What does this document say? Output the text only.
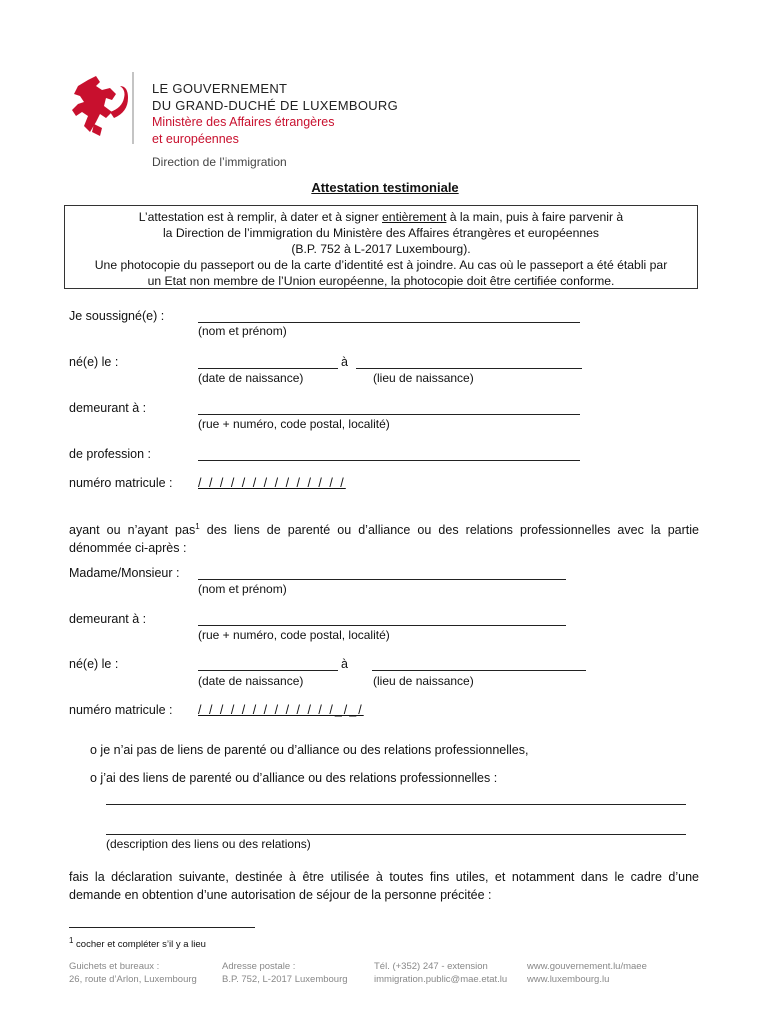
LE GOUVERNEMENT
DU GRAND-DUCHÉ DE LUXEMBOURG
Ministère des Affaires étrangères
et européennes
Direction de l’immigration
Attestation testimoniale
L’attestation est à remplir, à dater et à signer entièrement à la main, puis à faire parvenir à
la Direction de l’immigration du Ministère des Affaires étrangères et européennes
(B.P. 752 à L-2017 Luxembourg).
Une photocopie du passeport ou de la carte d’identité est à joindre. Au cas où le passeport a été établi par
un Etat non membre de l’Union européenne, la photocopie doit être certifiée conforme.
Je soussigné(e) :
(nom et prénom)
né(e) le :	à
(date de naissance)	(lieu de naissance)
demeurant à :
(rue + numéro, code postal, localité)
de profession :
numéro matricule : / / / / / / / / / / / / / /
ayant ou n’ayant pas$^1$ des liens de parenté ou d’alliance ou des relations professionnelles avec la partie dénommée ci-après :
Madame/Monsieur :
(nom et prénom)
demeurant à :
(rue + numéro, code postal, localité)
né(e) le :	à
(date de naissance)	(lieu de naissance)
numéro matricule : / / / / / / / / / / / / /_/_/
o je n’ai pas de liens de parenté ou d’alliance ou des relations professionnelles,
o j’ai des liens de parenté ou d’alliance ou des relations professionnelles :
(description des liens ou des relations)
fais la déclaration suivante, destinée à être utilisée à toutes fins utiles, et notamment dans le cadre d’une demande en obtention d’une autorisation de séjour de la personne précitée :
$^1$ cocher et compléter s’il y a lieu
Guichets et bureaux :
26, route d’Arlon, Luxembourg
Adresse postale :
B.P. 752, L-2017 Luxembourg
Tél. (+352) 247 - extension
immigration.public@mae.etat.lu
www.gouvernement.lu/maee
www.luxembourg.lu
